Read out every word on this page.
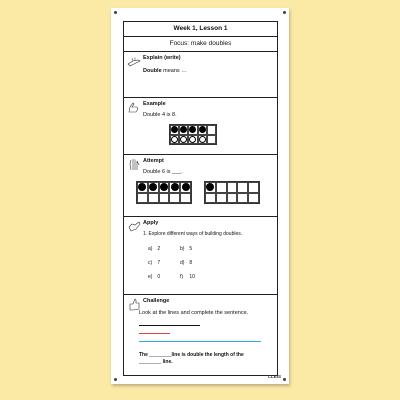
Week 1, Lesson 1
Focus: make doubles
Explain (write)
Double means …
Example
Double 4 is 8.
Attempt
Double 6 is ___.
Apply
1. Explore different ways of building doubles.
a) 2	b) 5
c) 7	d) 8
e) 0	f) 10
Challenge
Look at the lines and complete the sentence.
The ________line is double the length of the
________ line.
CLEIS
